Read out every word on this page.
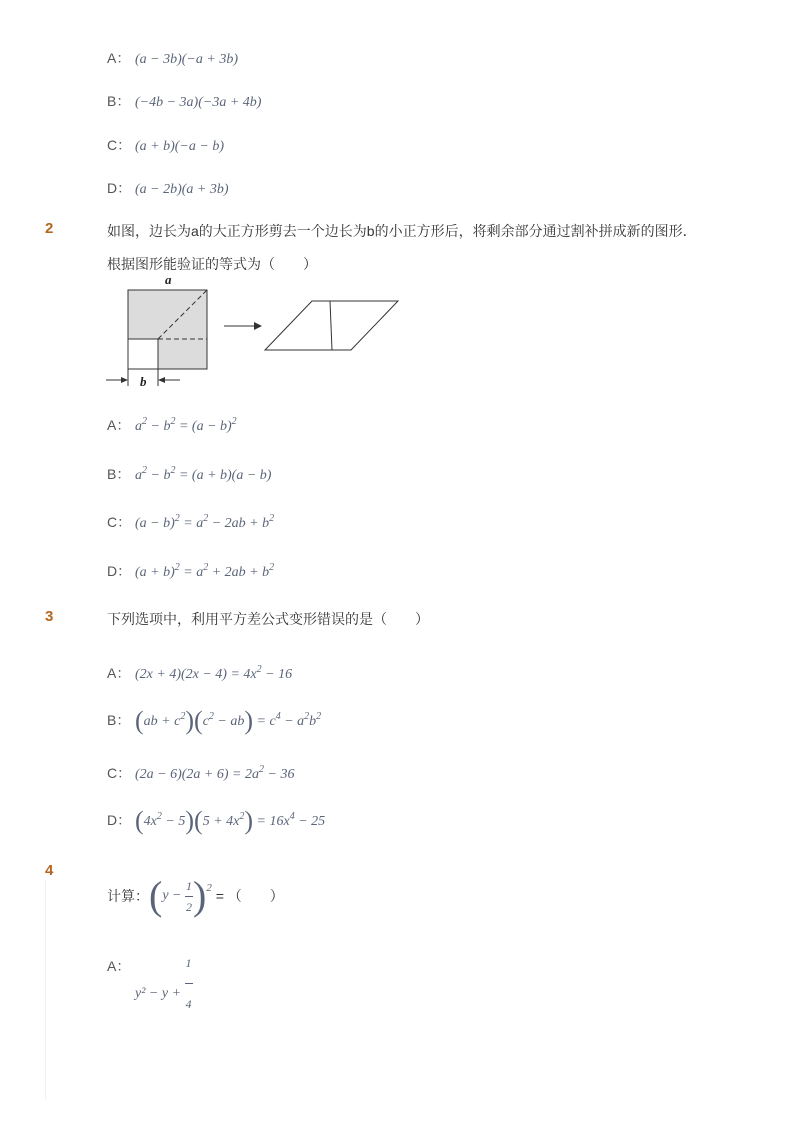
A： (a − 3b)(−a + 3b)
B： (−4b − 3a)(−3a + 4b)
C： (a + b)(−a − b)
D： (a − 2b)(a + 3b)
2	如图，边长为a的大正方形剪去一个边长为b的小正方形后，将剩余部分通过割补拼成新的图形．
根据图形能验证的等式为（　　）
a
b
A： $a^2 - b^2 = (a - b)^2$
B： $a^2 - b^2 = (a + b)(a - b)$
C： $(a - b)^2 = a^2 - 2ab + b^2$
D： $(a + b)^2 = a^2 + 2ab + b^2$
3	下列选项中，利用平方差公式变形错误的是（　　）
A： $(2x + 4)(2x - 4) = 4x^2 - 16$
B： $(ab + c^2)(c^2 - ab) = c^4 - a^2b^2$
C： $(2a - 6)(2a + 6) = 2a^2 - 36$
D： $(4x^2 - 5)(5 + 4x^2) = 16x^4 - 25$
4
计算： ( $y - \frac{1}{2}$ ) 2
= （　　）
A：
$y^2 - y + \frac{1}{4}$
